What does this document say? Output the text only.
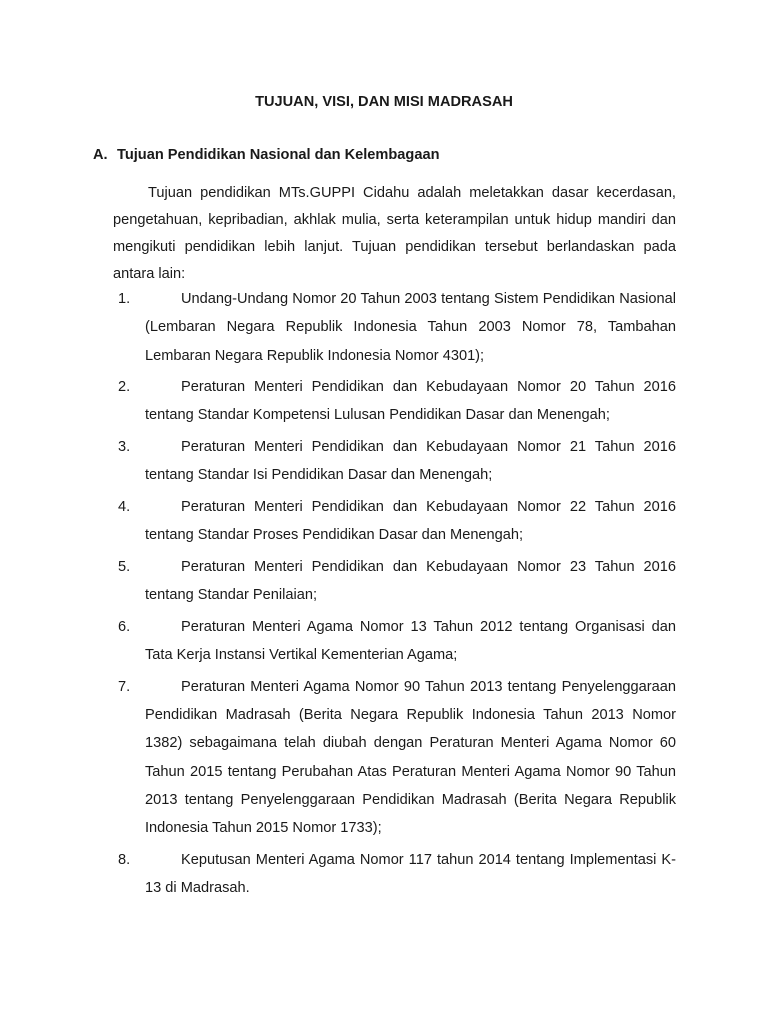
TUJUAN, VISI, DAN MISI MADRASAH
A. Tujuan Pendidikan Nasional dan Kelembagaan

Tujuan pendidikan MTs.GUPPI Cidahu adalah meletakkan dasar kecerdasan, pengetahuan, kepribadian, akhlak mulia, serta keterampilan untuk hidup mandiri dan mengikuti pendidikan lebih lanjut. Tujuan pendidikan tersebut berlandaskan pada antara lain:

1.	Undang-Undang Nomor 20 Tahun 2003 tentang Sistem Pendidikan Nasional (Lembaran Negara Republik Indonesia Tahun 2003 Nomor 78, Tambahan Lembaran Negara Republik Indonesia Nomor 4301);
2.	Peraturan Menteri Pendidikan dan Kebudayaan Nomor 20 Tahun 2016 tentang Standar Kompetensi Lulusan Pendidikan Dasar dan Menengah;
3.	Peraturan Menteri Pendidikan dan Kebudayaan Nomor 21 Tahun 2016 tentang Standar Isi Pendidikan Dasar dan Menengah;
4.	Peraturan Menteri Pendidikan dan Kebudayaan Nomor 22 Tahun 2016 tentang Standar Proses Pendidikan Dasar dan Menengah;
5.	Peraturan Menteri Pendidikan dan Kebudayaan Nomor 23 Tahun 2016 tentang Standar Penilaian;
6.	Peraturan Menteri Agama Nomor 13 Tahun 2012 tentang Organisasi dan Tata Kerja Instansi Vertikal Kementerian Agama;
7.	Peraturan Menteri Agama Nomor 90 Tahun 2013 tentang Penyelenggaraan Pendidikan Madrasah (Berita Negara Republik Indonesia Tahun 2013 Nomor 1382) sebagaimana telah diubah dengan Peraturan Menteri Agama Nomor 60 Tahun 2015 tentang Perubahan Atas Peraturan Menteri Agama Nomor 90 Tahun 2013 tentang Penyelenggaraan Pendidikan Madrasah (Berita Negara Republik Indonesia Tahun 2015 Nomor 1733);
8.	Keputusan Menteri Agama Nomor 117 tahun 2014 tentang Implementasi K-13 di Madrasah.
